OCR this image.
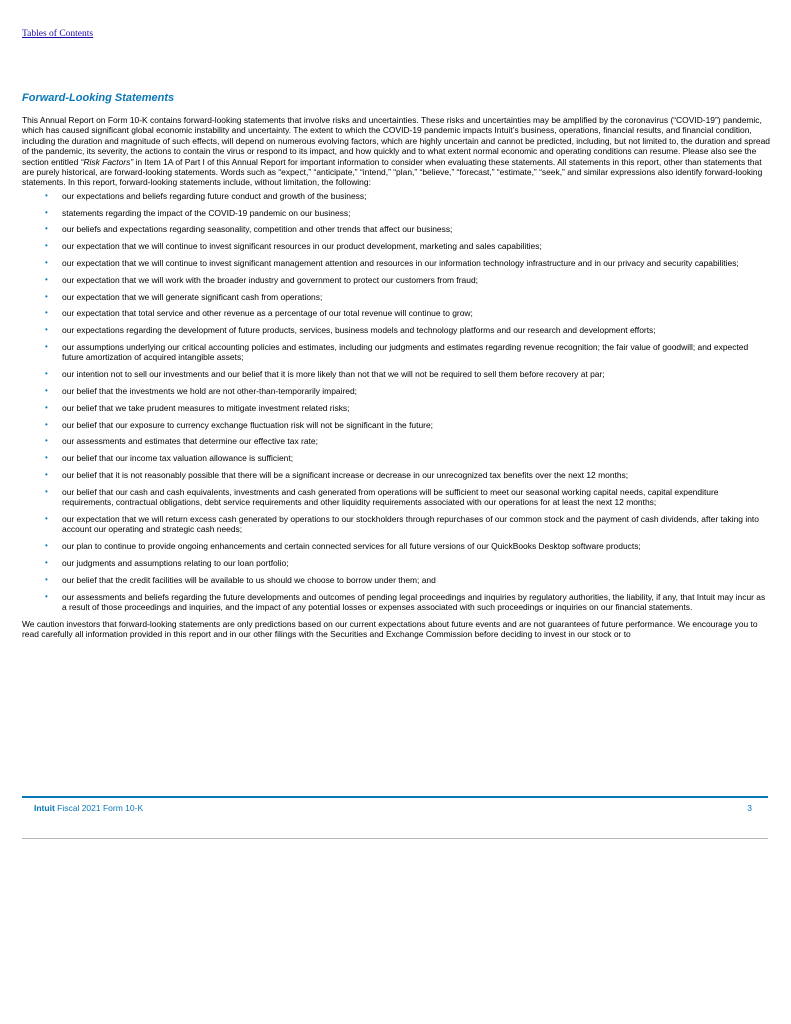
Tables of Contents
Forward-Looking Statements

This Annual Report on Form 10-K contains forward-looking statements that involve risks and uncertainties. These risks and uncertainties may be amplified by the coronavirus (“COVID-19”) pandemic, which has caused significant global economic instability and uncertainty. The extent to which the COVID-19 pandemic impacts Intuit’s business, operations, financial results, and financial condition, including the duration and magnitude of such effects, will depend on numerous evolving factors, which are highly uncertain and cannot be predicted, including, but not limited to, the duration and spread of the pandemic, its severity, the actions to contain the virus or respond to its impact, and how quickly and to what extent normal economic and operating conditions can resume. Please also see the section entitled “Risk Factors” in Item 1A of Part I of this Annual Report for important information to consider when evaluating these statements. All statements in this report, other than statements that are purely historical, are forward-looking statements. Words such as “expect,” “anticipate,” “intend,” “plan,” “believe,” “forecast,” “estimate,” “seek,” and similar expressions also identify forward-looking statements. In this report, forward-looking statements include, without limitation, the following:

• our expectations and beliefs regarding future conduct and growth of the business;
• statements regarding the impact of the COVID-19 pandemic on our business;
• our beliefs and expectations regarding seasonality, competition and other trends that affect our business;
• our expectation that we will continue to invest significant resources in our product development, marketing and sales capabilities;
• our expectation that we will continue to invest significant management attention and resources in our information technology infrastructure and in our privacy and security capabilities;
• our expectation that we will work with the broader industry and government to protect our customers from fraud;
• our expectation that we will generate significant cash from operations;
• our expectation that total service and other revenue as a percentage of our total revenue will continue to grow;
• our expectations regarding the development of future products, services, business models and technology platforms and our research and development efforts;
• our assumptions underlying our critical accounting policies and estimates, including our judgments and estimates regarding revenue recognition; the fair value of goodwill; and expected future amortization of acquired intangible assets;
• our intention not to sell our investments and our belief that it is more likely than not that we will not be required to sell them before recovery at par;
• our belief that the investments we hold are not other-than-temporarily impaired;
• our belief that we take prudent measures to mitigate investment related risks;
• our belief that our exposure to currency exchange fluctuation risk will not be significant in the future;
• our assessments and estimates that determine our effective tax rate;
• our belief that our income tax valuation allowance is sufficient;
• our belief that it is not reasonably possible that there will be a significant increase or decrease in our unrecognized tax benefits over the next 12 months;
• our belief that our cash and cash equivalents, investments and cash generated from operations will be sufficient to meet our seasonal working capital needs, capital expenditure requirements, contractual obligations, debt service requirements and other liquidity requirements associated with our operations for at least the next 12 months;
• our expectation that we will return excess cash generated by operations to our stockholders through repurchases of our common stock and the payment of cash dividends, after taking into account our operating and strategic cash needs;
• our plan to continue to provide ongoing enhancements and certain connected services for all future versions of our QuickBooks Desktop software products;
• our judgments and assumptions relating to our loan portfolio;
• our belief that the credit facilities will be available to us should we choose to borrow under them; and
• our assessments and beliefs regarding the future developments and outcomes of pending legal proceedings and inquiries by regulatory authorities, the liability, if any, that Intuit may incur as a result of those proceedings and inquiries, and the impact of any potential losses or expenses associated with such proceedings or inquiries on our financial statements.

We caution investors that forward-looking statements are only predictions based on our current expectations about future events and are not guarantees of future performance. We encourage you to read carefully all information provided in this report and in our other filings with the Securities and Exchange Commission before deciding to invest in our stock or to

Intuit Fiscal 2021 Form 10-K	3
